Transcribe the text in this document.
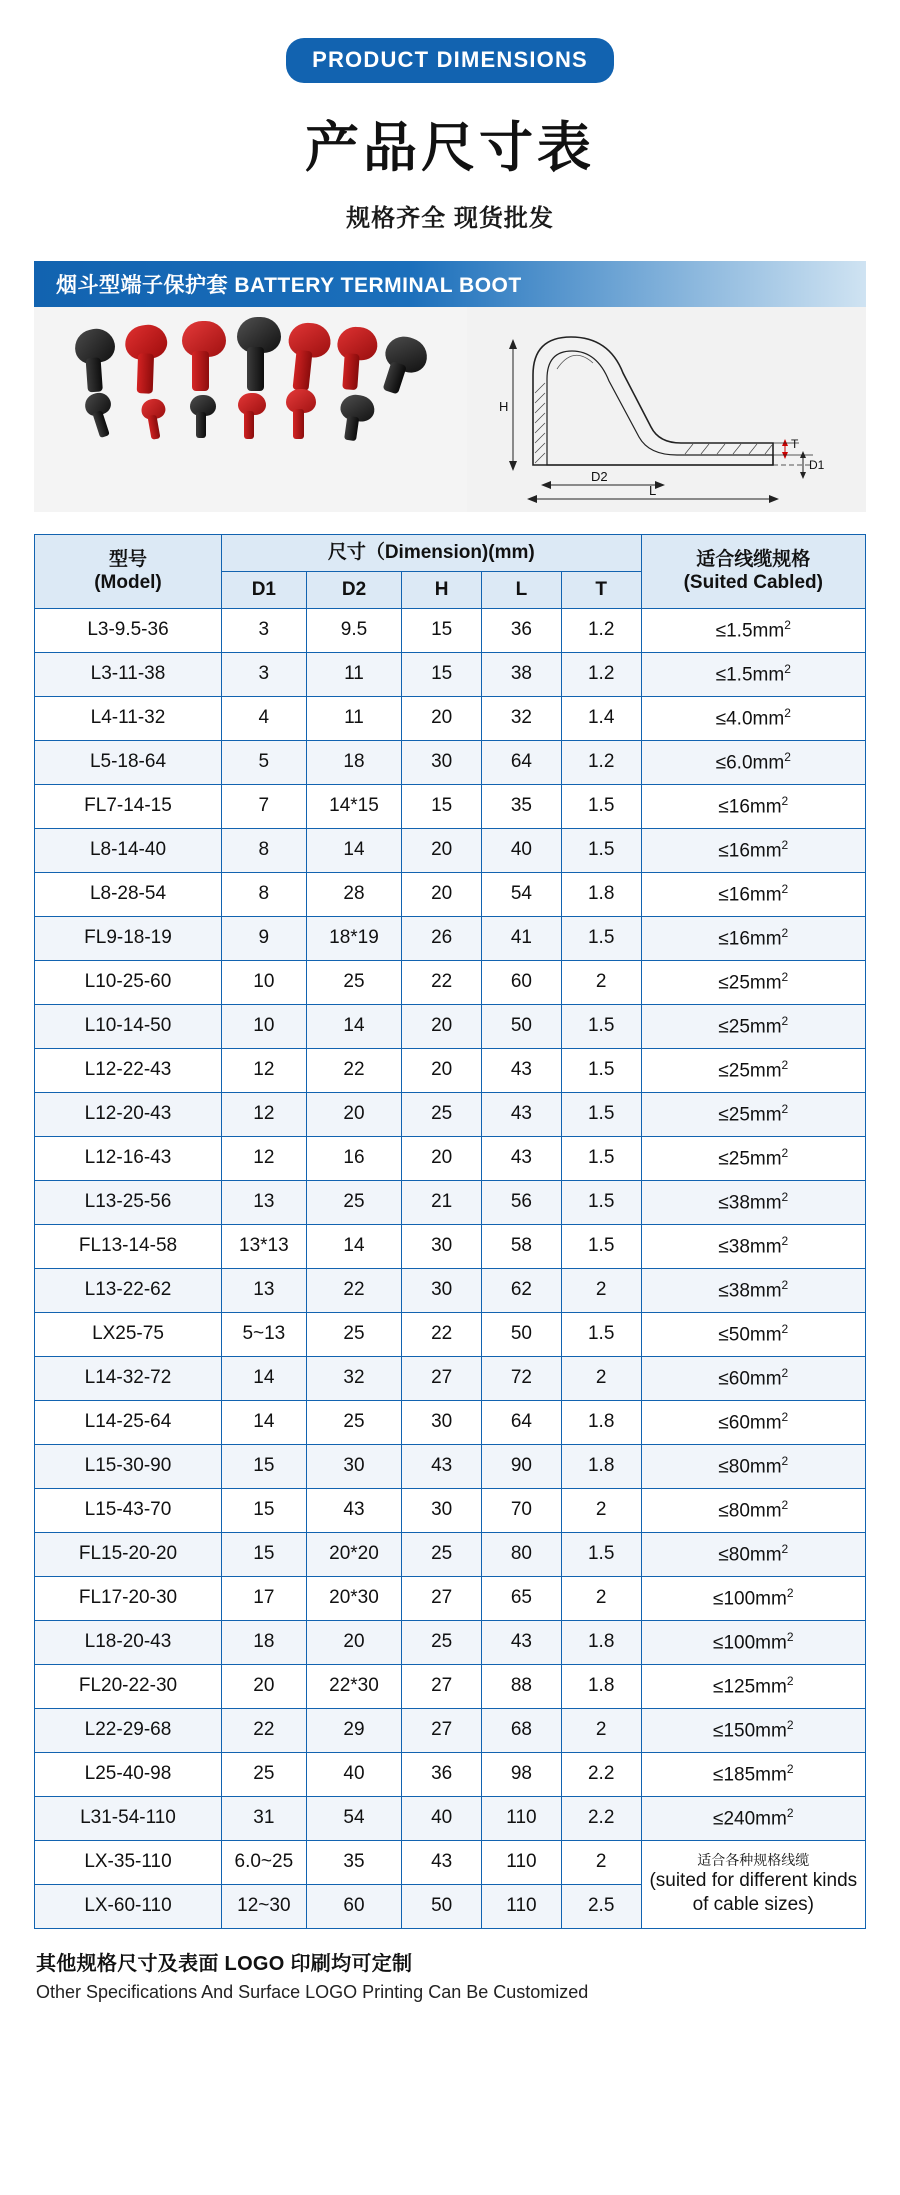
PRODUCT DIMENSIONS
产品尺寸表
规格齐全 现货批发
烟斗型端子保护套 BATTERY TERMINAL BOOT
H
D2
L
T
D1
型号
(Model)
	尺寸（Dimension)(mm)	适合线缆规格
(Suited Cabled)

	D1	D2	H	L	T	
L3-9.5-36	3	9.5	15	36	1.2	$\le 1.5mm^2$
L3-11-38	3	11	15	38	1.2	$\le 1.5mm^2$
L4-11-32	4	11	20	32	1.4	$\le 4.0mm^2$
L5-18-64	5	18	30	64	1.2	$\le 6.0mm^2$
FL7-14-15	7	14*15	15	35	1.5	$\le 16mm^2$
L8-14-40	8	14	20	40	1.5	$\le 16mm^2$
L8-28-54	8	28	20	54	1.8	$\le 16mm^2$
FL9-18-19	9	18*19	26	41	1.5	$\le 16mm^2$
L10-25-60	10	25	22	60	2	$\le 25mm^2$
L10-14-50	10	14	20	50	1.5	$\le 25mm^2$
L12-22-43	12	22	20	43	1.5	$\le 25mm^2$
L12-20-43	12	20	25	43	1.5	$\le 25mm^2$
L12-16-43	12	16	20	43	1.5	$\le 25mm^2$
L13-25-56	13	25	21	56	1.5	$\le 38mm^2$
FL13-14-58	13*13	14	30	58	1.5	$\le 38mm^2$
L13-22-62	13	22	30	62	2	$\le 38mm^2$
LX25-75	5~13	25	22	50	1.5	$\le 50mm^2$
L14-32-72	14	32	27	72	2	$\le 60mm^2$
L14-25-64	14	25	30	64	1.8	$\le 60mm^2$
L15-30-90	15	30	43	90	1.8	$\le 80mm^2$
L15-43-70	15	43	30	70	2	$\le 80mm^2$
FL15-20-20	15	20*20	25	80	1.5	$\le 80mm^2$
FL17-20-30	17	20*30	27	65	2	$\le 100mm^2$
L18-20-43	18	20	25	43	1.8	$\le 100mm^2$
FL20-22-30	20	22*30	27	88	1.8	$\le 125mm^2$
L22-29-68	22	29	27	68	2	$\le 150mm^2$
L25-40-98	25	40	36	98	2.2	$\le 185mm^2$
L31-54-110	31	54	40	110	2.2	$\le 240mm^2$
LX-35-110	6.0~25	35	43	110	2	适合各种规格线缆
(suited for different kinds of cable sizes)
LX-60-110	12~30	60	50	110	2.5	
其他规格尺寸及表面 LOGO 印刷均可定制
Other Specifications And Surface LOGO Printing Can Be Customized
